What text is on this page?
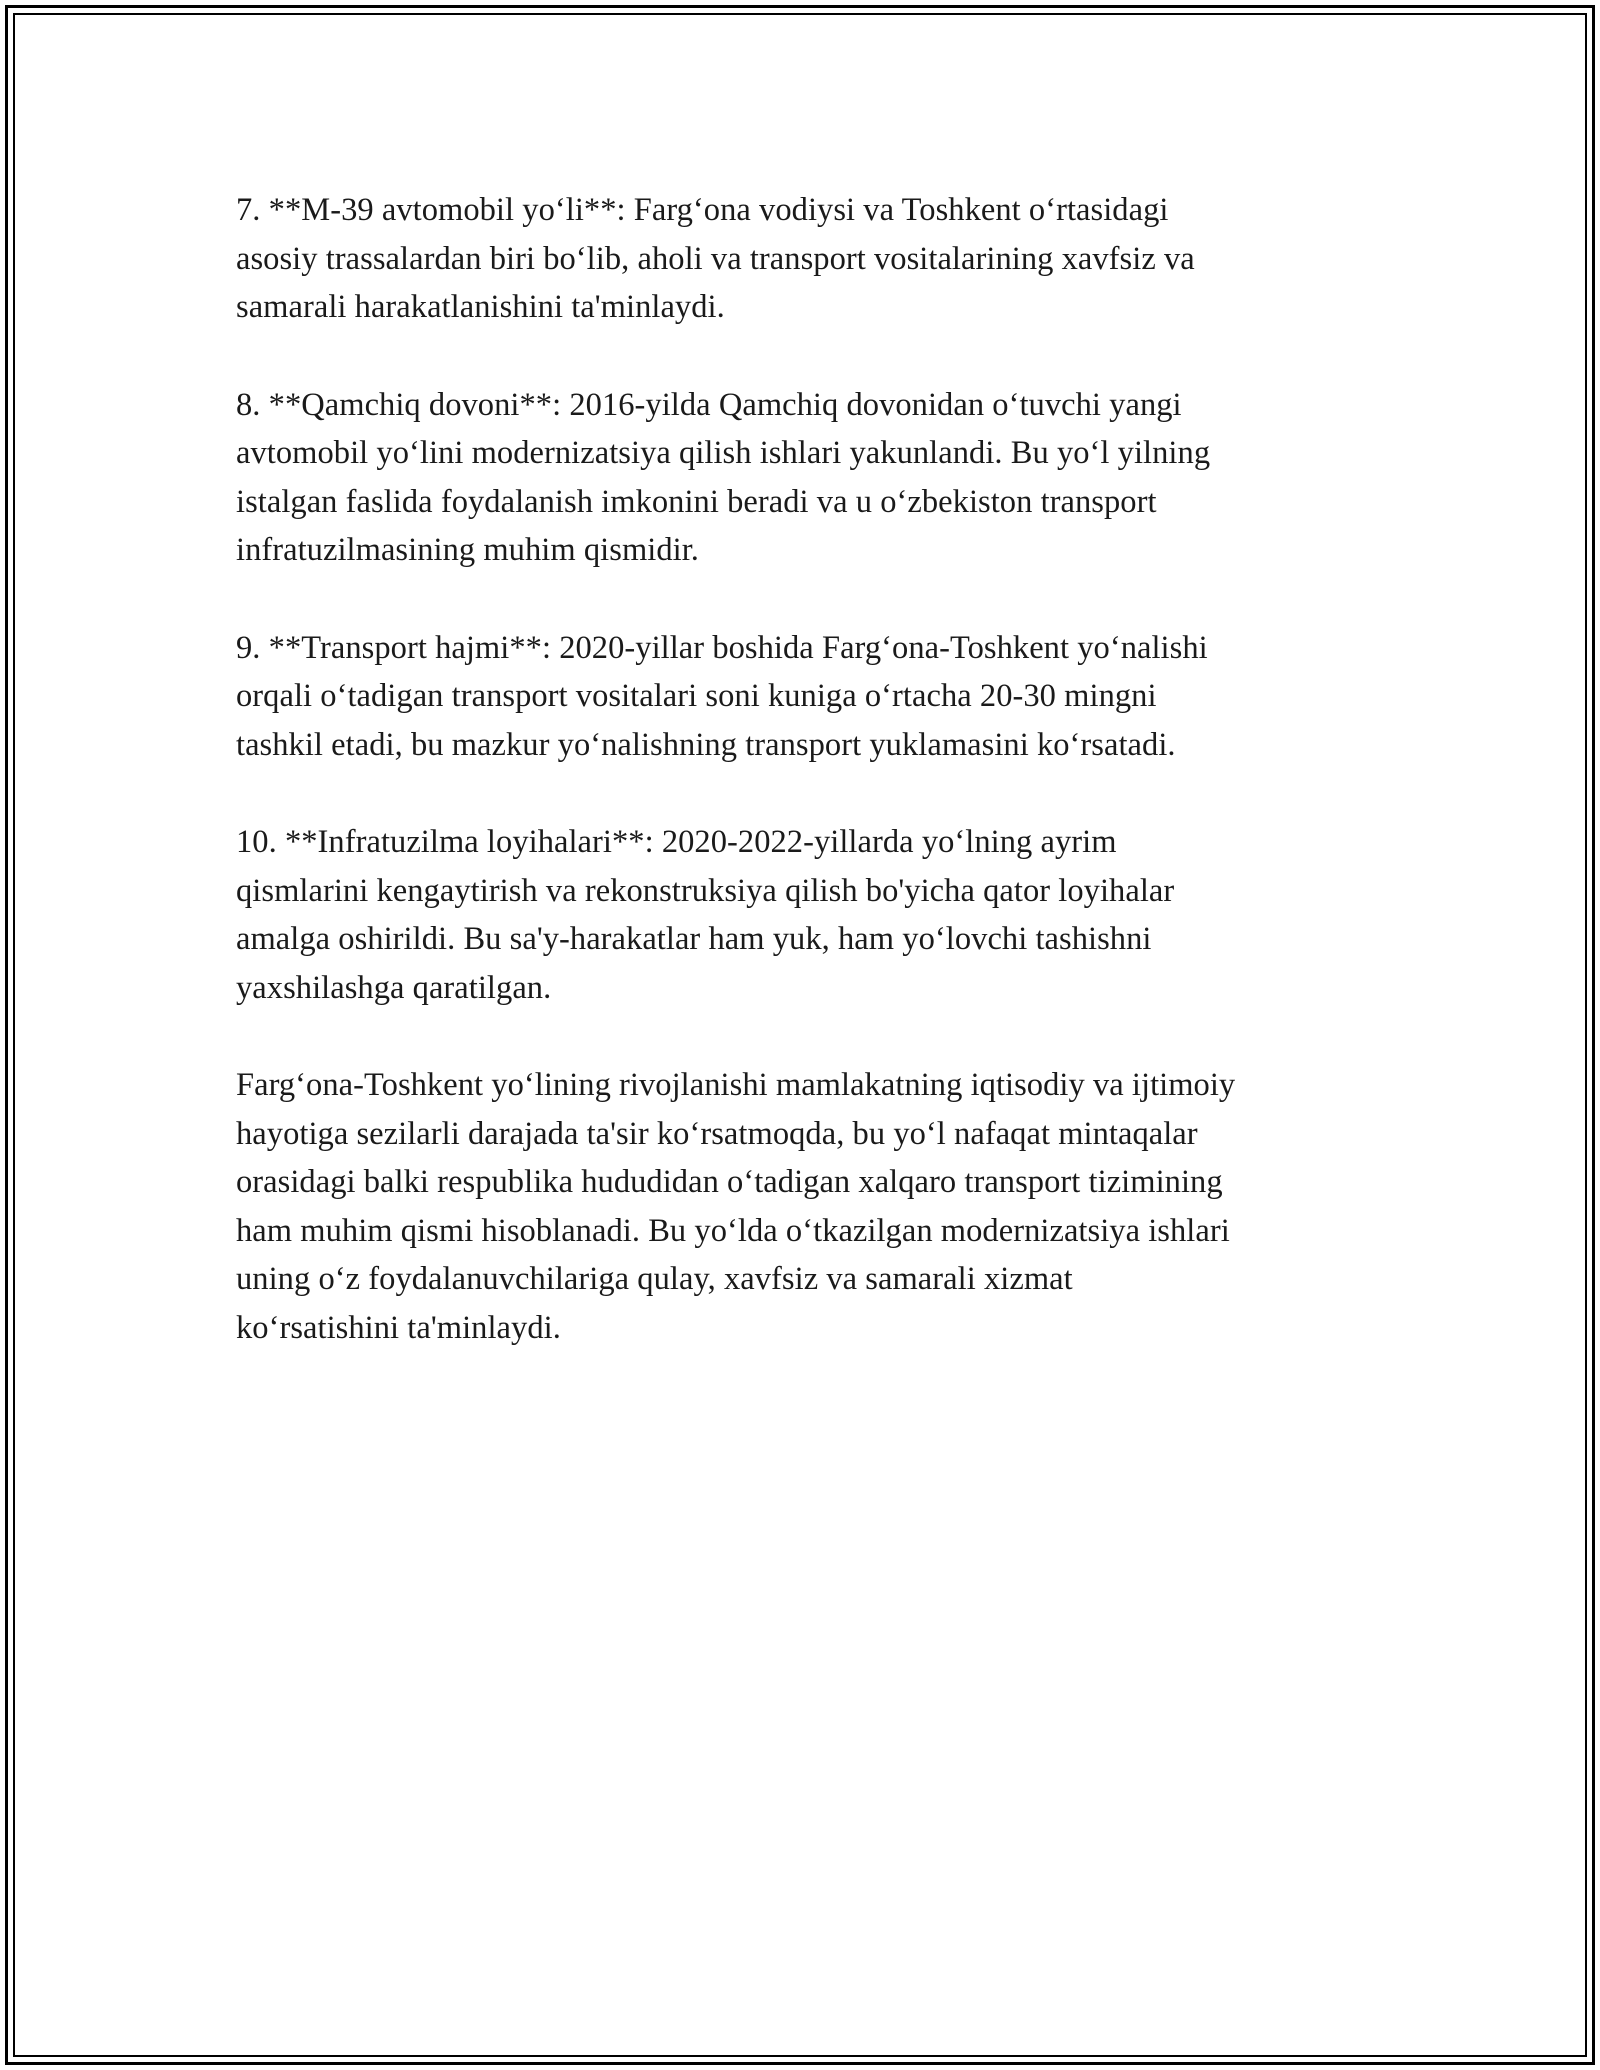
7. **M-39 avtomobil yo‘li**: Farg‘ona vodiysi va Toshkent o‘rtasidagi
asosiy trassalardan biri bo‘lib, aholi va transport vositalarining xavfsiz va
samarali harakatlanishini ta'minlaydi.

8. **Qamchiq dovoni**: 2016-yilda Qamchiq dovonidan o‘tuvchi yangi
avtomobil yo‘lini modernizatsiya qilish ishlari yakunlandi. Bu yo‘l yilning
istalgan faslida foydalanish imkonini beradi va u o‘zbekiston transport
infratuzilmasining muhim qismidir.

9. **Transport hajmi**: 2020-yillar boshida Farg‘ona-Toshkent yo‘nalishi
orqali o‘tadigan transport vositalari soni kuniga o‘rtacha 20-30 mingni
tashkil etadi, bu mazkur yo‘nalishning transport yuklamasini ko‘rsatadi.

10. **Infratuzilma loyihalari**: 2020-2022-yillarda yo‘lning ayrim
qismlarini kengaytirish va rekonstruksiya qilish bo'yicha qator loyihalar
amalga oshirildi. Bu sa'y-harakatlar ham yuk, ham yo‘lovchi tashishni
yaxshilashga qaratilgan.

Farg‘ona-Toshkent yo‘lining rivojlanishi mamlakatning iqtisodiy va ijtimoiy
hayotiga sezilarli darajada ta'sir ko‘rsatmoqda, bu yo‘l nafaqat mintaqalar
orasidagi balki respublika hududidan o‘tadigan xalqaro transport tizimining
ham muhim qismi hisoblanadi. Bu yo‘lda o‘tkazilgan modernizatsiya ishlari
uning o‘z foydalanuvchilariga qulay, xavfsiz va samarali xizmat
ko‘rsatishini ta'minlaydi.
